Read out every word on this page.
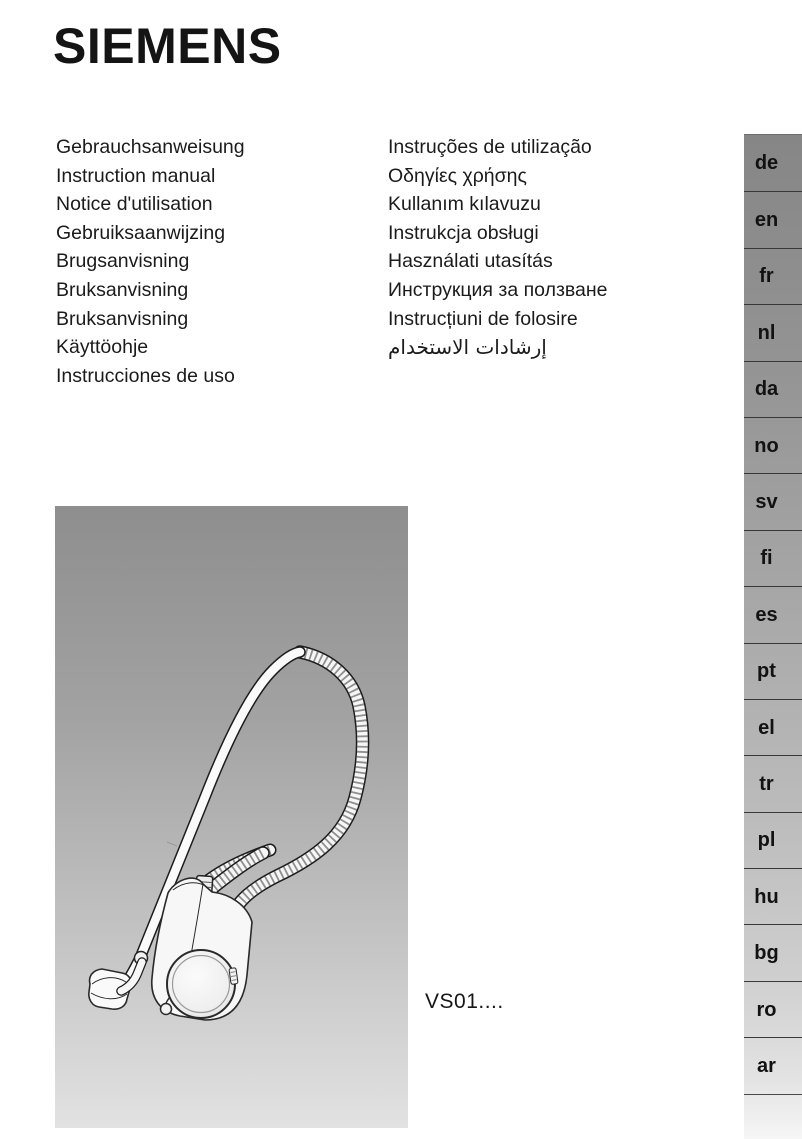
SIEMENS
Gebrauchsanweisung
Instruction manual
Notice d'utilisation
Gebruiksaanwijzing
Brugsanvisning
Bruksanvisning
Bruksanvisning
Käyttöohje
Instrucciones de uso
Instruções de utilização
Οδηγίες χρήσης
Kullanım kılavuzu
Instrukcja obsługi
Használati utasítás
Инструкция за ползване
Instrucțiuni de folosire
إرشادات الاستخدام
de
en
fr
nl
da
no
sv
fi
es
pt
el
tr
pl
hu
bg
ro
ar
VS01....
